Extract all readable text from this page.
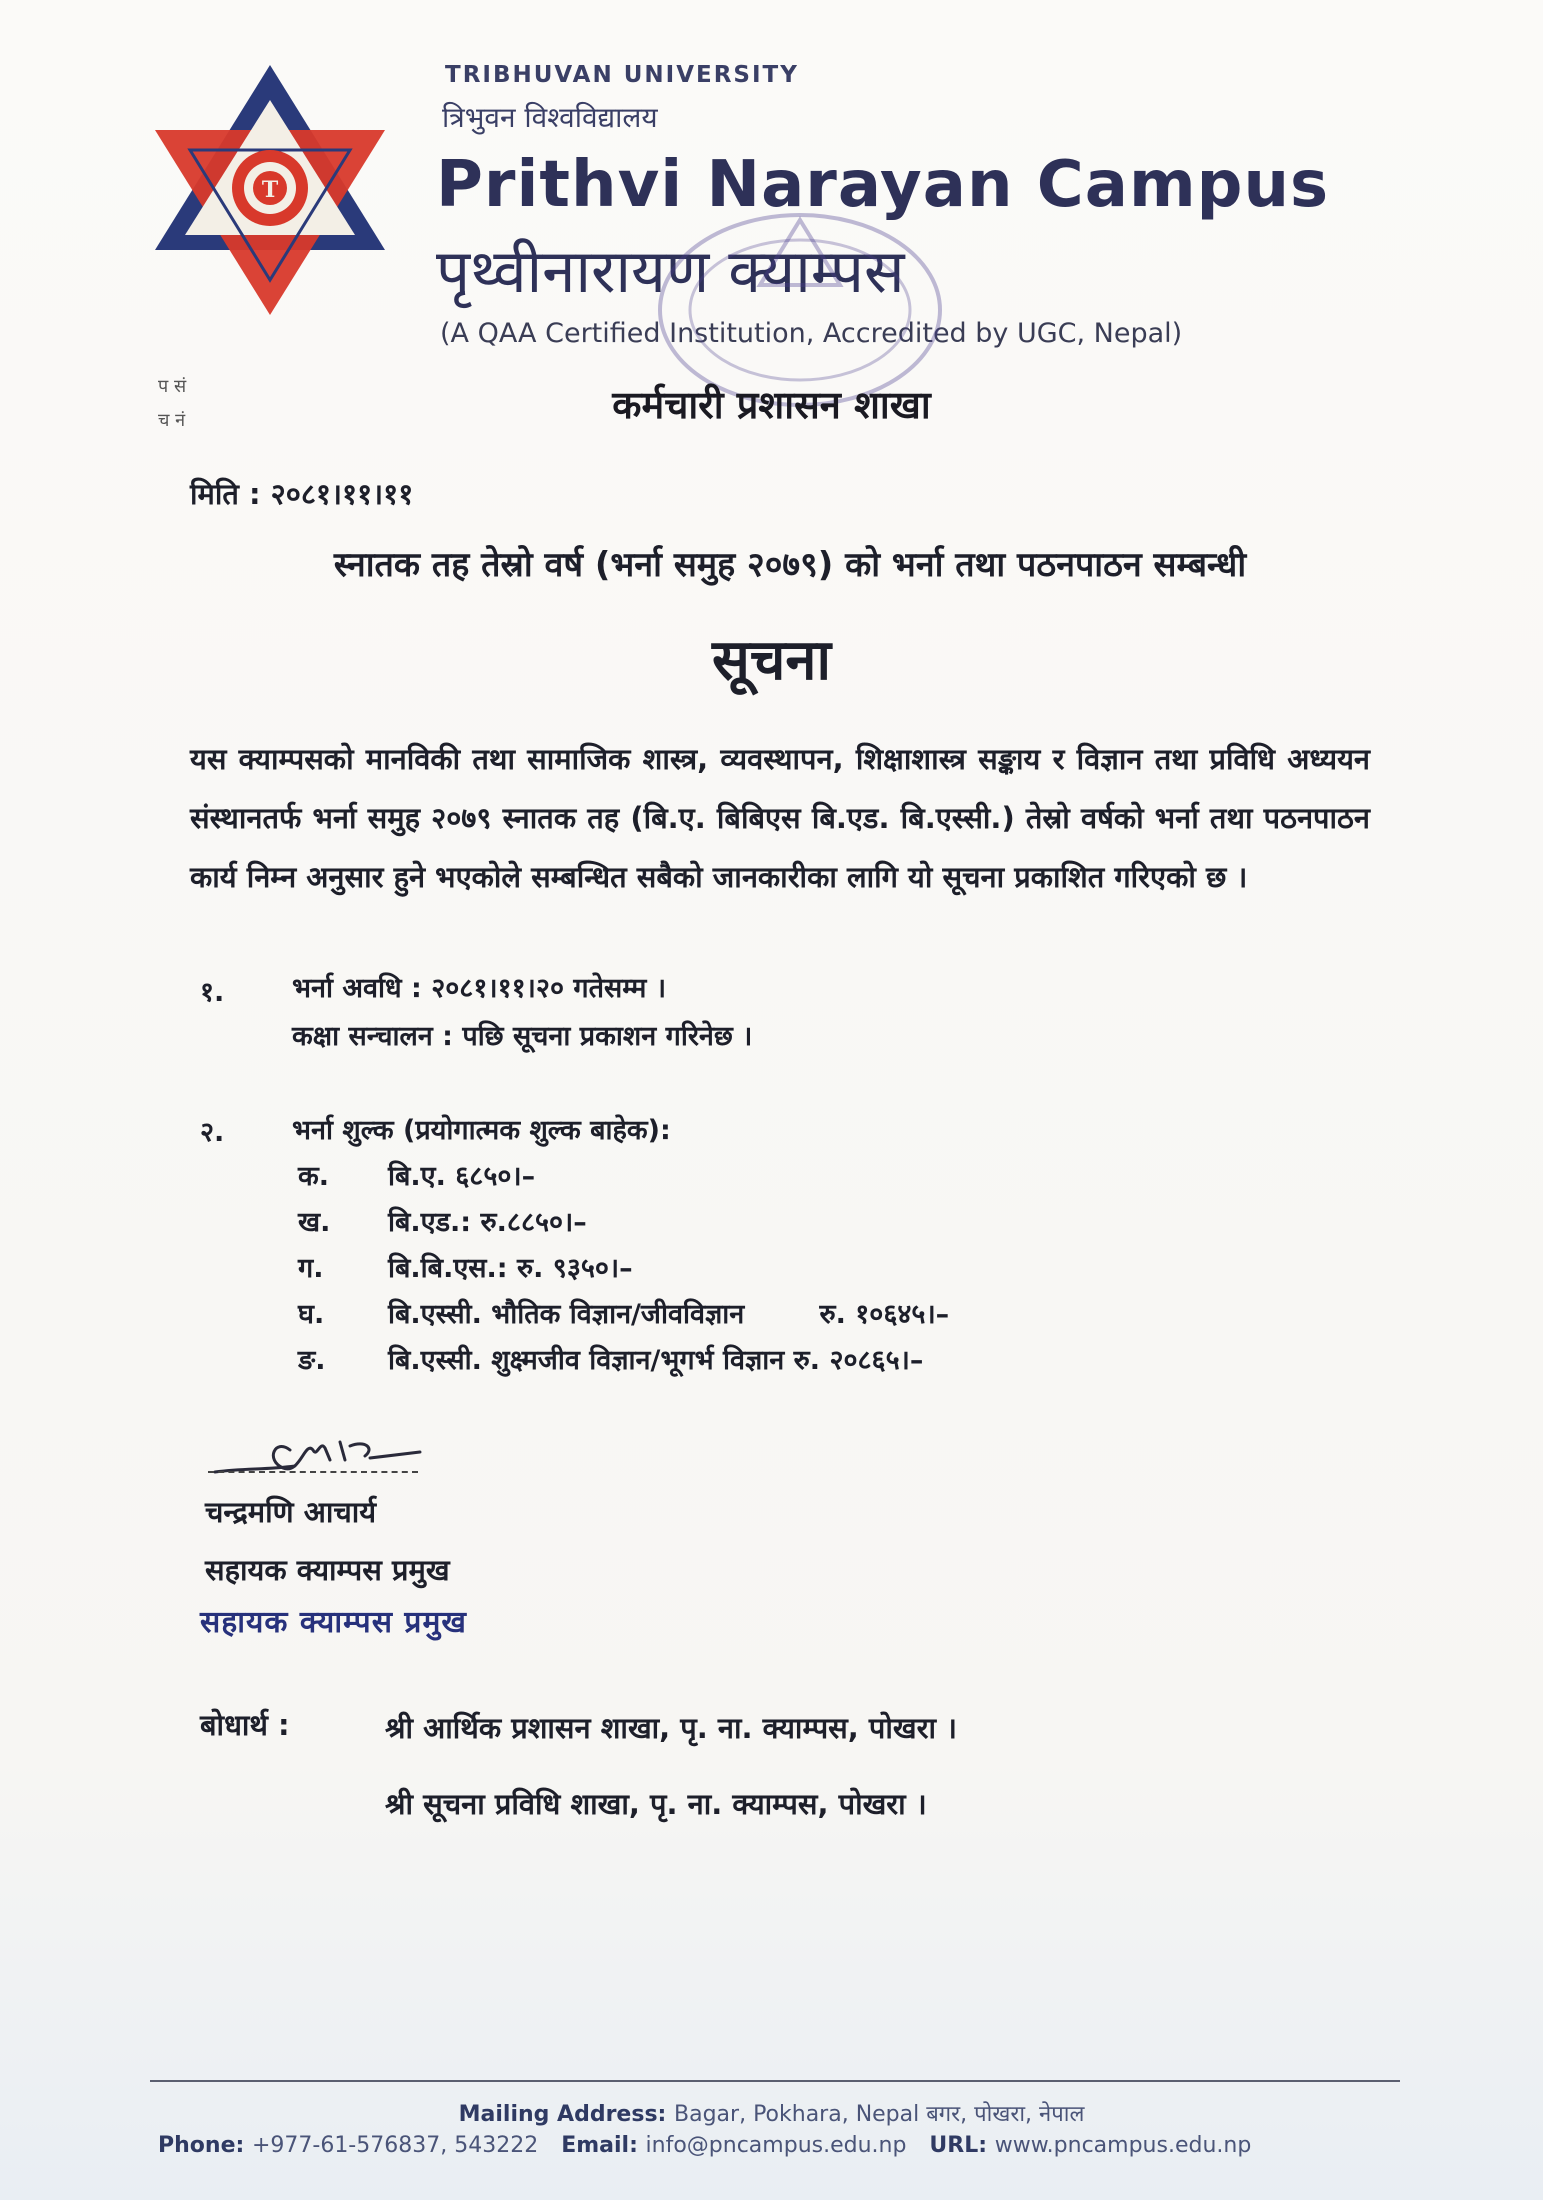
T
TRIBHUVAN UNIVERSITY
त्रिभुवन विश्वविद्यालय
Prithvi Narayan Campus
पृथ्वीनारायण क्याम्पस
(A QAA Certified Institution, Accredited by UGC, Nepal)
प सं
च नं	कर्मचारी प्रशासन शाखा
मिति : २०८१।११।११
स्नातक तह तेस्रो वर्ष (भर्ना समुह २०७९) को भर्ना तथा पठनपाठन सम्बन्धी
सूचना
यस क्याम्पसको मानविकी तथा सामाजिक शास्त्र, व्यवस्थापन, शिक्षाशास्त्र सङ्काय र विज्ञान तथा प्रविधि अध्ययन संस्थानतर्फ भर्ना समुह २०७९ स्नातक तह (बि.ए. बिबिएस बि.एड. बि.एस्सी.) तेस्रो वर्षको भर्ना तथा पठनपाठन कार्य निम्न अनुसार हुने भएकोले सम्बन्धित सबैको जानकारीका लागि यो सूचना प्रकाशित गरिएको छ ।
१.	भर्ना अवधि : २०८१।११।२० गतेसम्म ।
कक्षा सन्चालन : पछि सूचना प्रकाशन गरिनेछ ।
२.	भर्ना शुल्क (प्रयोगात्मक शुल्क बाहेक):
क. बि.ए. ६८५०।–
ख. बि.एड.: रु.८८५०।–
ग. बि.बि.एस.: रु. ९३५०।–
घ. बि.एस्सी. भौतिक विज्ञान/जीवविज्ञान        रु. १०६४५।–
ङ. बि.एस्सी. शुक्ष्मजीव विज्ञान/भूगर्भ विज्ञान रु. २०८६५।–
चन्द्रमणि आचार्य
सहायक क्याम्पस प्रमुख
सहायक क्याम्पस प्रमुख
बोधार्थ :	श्री आर्थिक प्रशासन शाखा, पृ. ना. क्याम्पस, पोखरा ।
श्री सूचना प्रविधि शाखा, पृ. ना. क्याम्पस, पोखरा ।
Mailing Address: Bagar, Pokhara, Nepal बगर, पोखरा, नेपाल
Phone: +977-61-576837, 543222 Email: info@pncampus.edu.np URL: www.pncampus.edu.np
